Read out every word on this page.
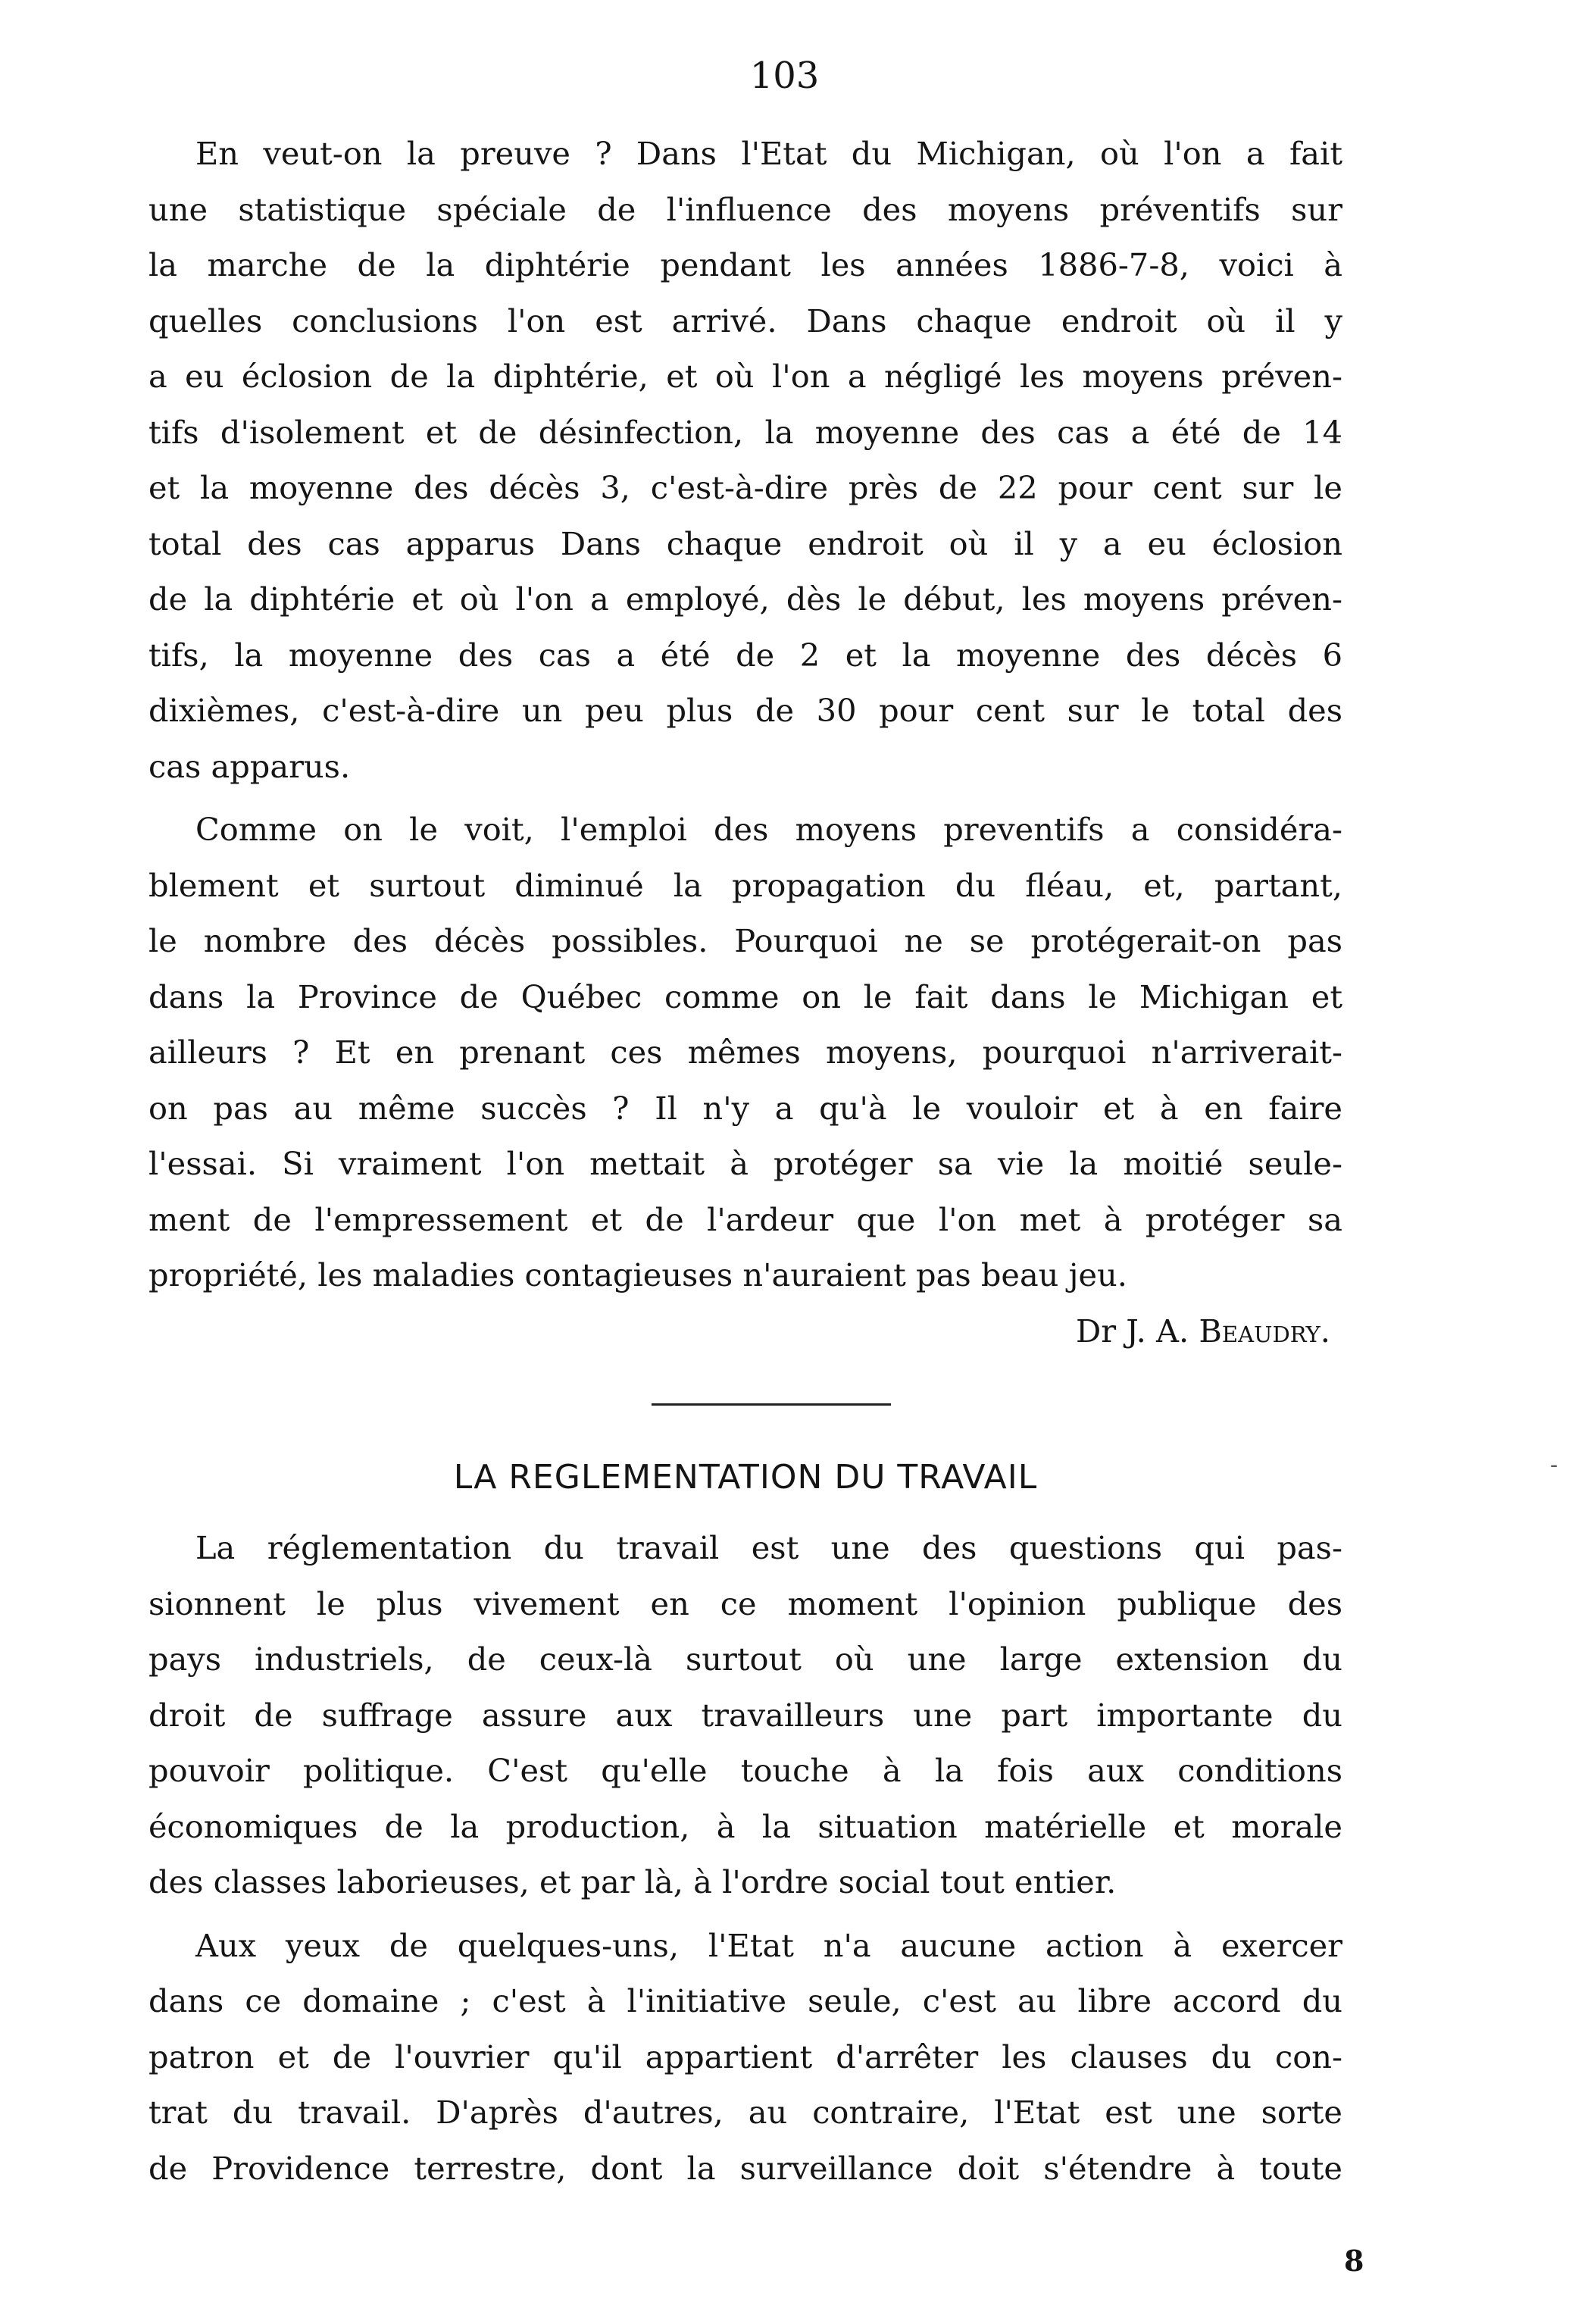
103

En veut-on la preuve ? Dans l'Etat du Michigan, où l'on a fait
une statistique spéciale de l'influence des moyens préventifs sur
la marche de la diphtérie pendant les années 1886-7-8, voici à
quelles conclusions l'on est arrivé. Dans chaque endroit où il y
a eu éclosion de la diphtérie, et où l'on a négligé les moyens préven-
tifs d'isolement et de désinfection, la moyenne des cas a été de 14
et la moyenne des décès 3, c'est-à-dire près de 22 pour cent sur le
total des cas apparus Dans chaque endroit où il y a eu éclosion
de la diphtérie et où l'on a employé, dès le début, les moyens préven-
tifs, la moyenne des cas a été de 2 et la moyenne des décès 6
dixièmes, c'est-à-dire un peu plus de 30 pour cent sur le total des
cas apparus.

Comme on le voit, l'emploi des moyens preventifs a considéra-
blement et surtout diminué la propagation du fléau, et, partant,
le nombre des décès possibles. Pourquoi ne se protégerait-on pas
dans la Province de Québec comme on le fait dans le Michigan et
ailleurs ? Et en prenant ces mêmes moyens, pourquoi n'arriverait-
on pas au même succès ? Il n'y a qu'à le vouloir et à en faire
l'essai. Si vraiment l'on mettait à protéger sa vie la moitié seule-
ment de l'empressement et de l'ardeur que l'on met à protéger sa
propriété, les maladies contagieuses n'auraient pas beau jeu.

Dr J. A. Beaudry.
LA REGLEMENTATION DU TRAVAIL

La réglementation du travail est une des questions qui pas-
sionnent le plus vivement en ce moment l'opinion publique des
pays industriels, de ceux-là surtout où une large extension du
droit de suffrage assure aux travailleurs une part importante du
pouvoir politique. C'est qu'elle touche à la fois aux conditions
économiques de la production, à la situation matérielle et morale
des classes laborieuses, et par là, à l'ordre social tout entier.

Aux yeux de quelques-uns, l'Etat n'a aucune action à exercer
dans ce domaine ; c'est à l'initiative seule, c'est au libre accord du
patron et de l'ouvrier qu'il appartient d'arrêter les clauses du con-
trat du travail. D'après d'autres, au contraire, l'Etat est une sorte
de Providence terrestre, dont la surveillance doit s'étendre à toute

8
-
